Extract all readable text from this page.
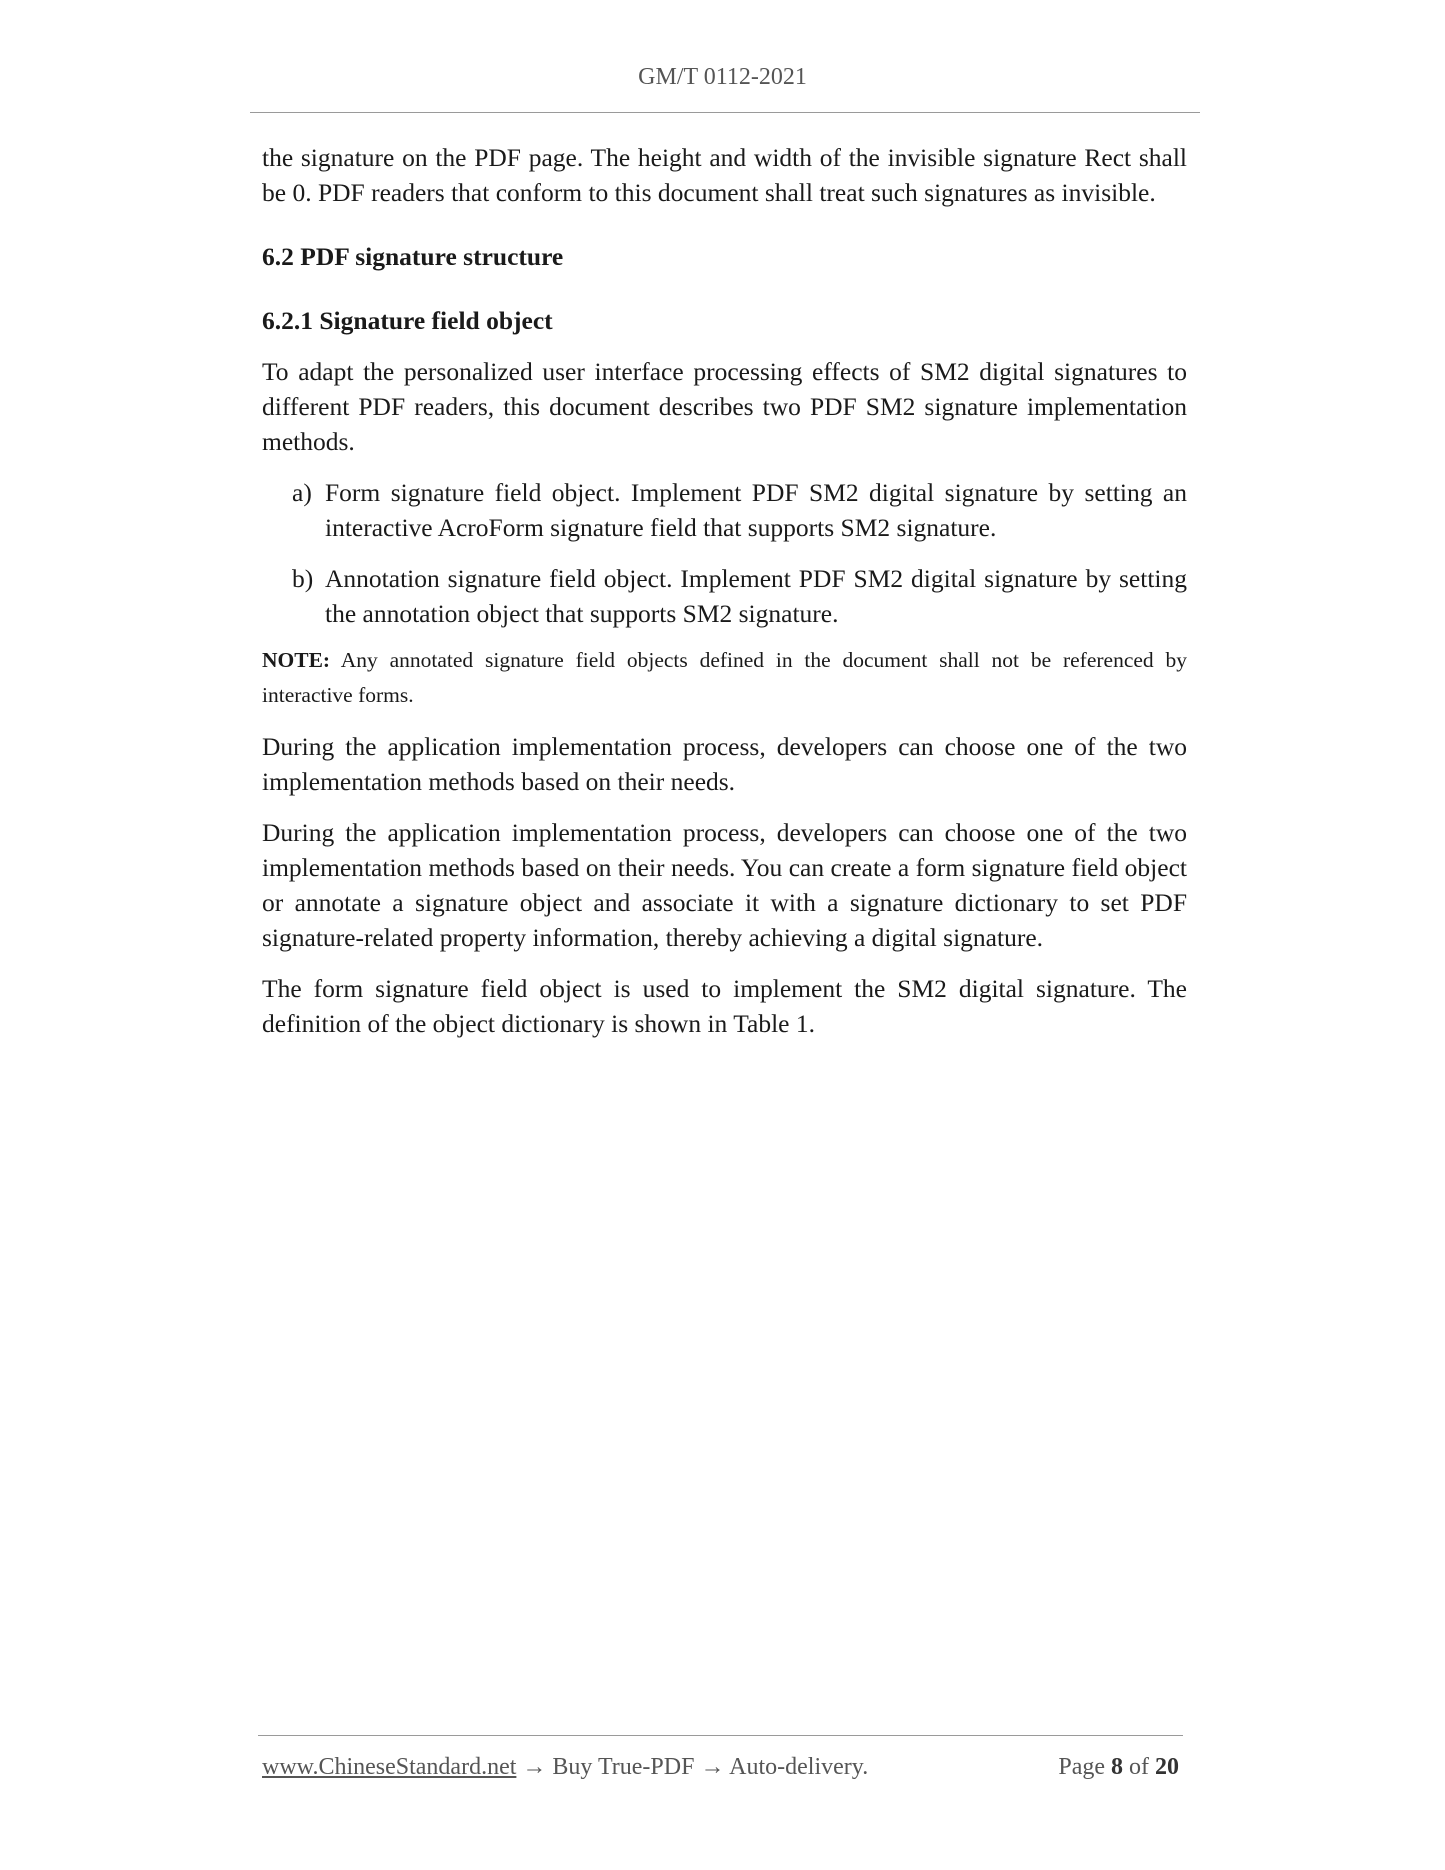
GM/T 0112-2021

the signature on the PDF page. The height and width of the invisible signature Rect shall be 0. PDF readers that conform to this document shall treat such signatures as invisible.

6.2 PDF signature structure

6.2.1 Signature field object

To adapt the personalized user interface processing effects of SM2 digital signatures to different PDF readers, this document describes two PDF SM2 signature implementation methods.

a) Form signature field object. Implement PDF SM2 digital signature by setting an interactive AcroForm signature field that supports SM2 signature.
b) Annotation signature field object. Implement PDF SM2 digital signature by setting the annotation object that supports SM2 signature.

NOTE: Any annotated signature field objects defined in the document shall not be referenced by interactive forms.

During the application implementation process, developers can choose one of the two implementation methods based on their needs.

During the application implementation process, developers can choose one of the two implementation methods based on their needs. You can create a form signature field object or annotate a signature object and associate it with a signature dictionary to set PDF signature-related property information, thereby achieving a digital signature.

The form signature field object is used to implement the SM2 digital signature. The definition of the object dictionary is shown in Table 1.

www.ChineseStandard.net → Buy True-PDF → Auto-delivery.	Page 8 of 20
